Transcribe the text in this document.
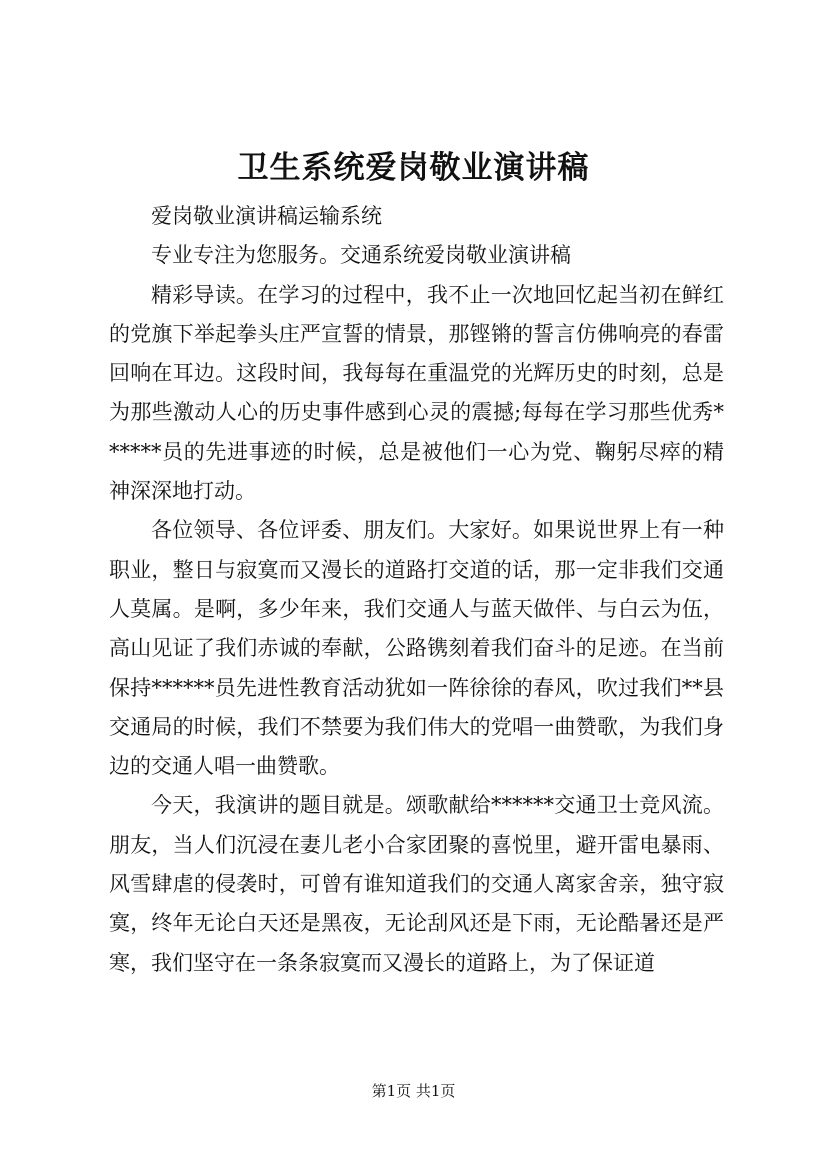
卫生系统爱岗敬业演讲稿

爱岗敬业演讲稿运输系统

专业专注为您服务。交通系统爱岗敬业演讲稿

精彩导读。在学习的过程中，我不止一次地回忆起当初在鲜红的党旗下举起拳头庄严宣誓的情景，那铿锵的誓言仿佛响亮的春雷回响在耳边。这段时间，我每每在重温党的光辉历史的时刻，总是为那些激动人心的历史事件感到心灵的震撼;每每在学习那些优秀******员的先进事迹的时候，总是被他们一心为党、鞠躬尽瘁的精神深深地打动。

各位领导、各位评委、朋友们。大家好。如果说世界上有一种职业，整日与寂寞而又漫长的道路打交道的话，那一定非我们交通人莫属。是啊，多少年来，我们交通人与蓝天做伴、与白云为伍，高山见证了我们赤诚的奉献，公路镌刻着我们奋斗的足迹。在当前保持******员先进性教育活动犹如一阵徐徐的春风，吹过我们**县交通局的时候，我们不禁要为我们伟大的党唱一曲赞歌，为我们身边的交通人唱一曲赞歌。

今天，我演讲的题目就是。颂歌献给******交通卫士竞风流。朋友，当人们沉浸在妻儿老小合家团聚的喜悦里，避开雷电暴雨、风雪肆虐的侵袭时，可曾有谁知道我们的交通人离家舍亲，独守寂寞，终年无论白天还是黑夜，无论刮风还是下雨，无论酷暑还是严寒，我们坚守在一条条寂寞而又漫长的道路上，为了保证道

第1页 共1页
